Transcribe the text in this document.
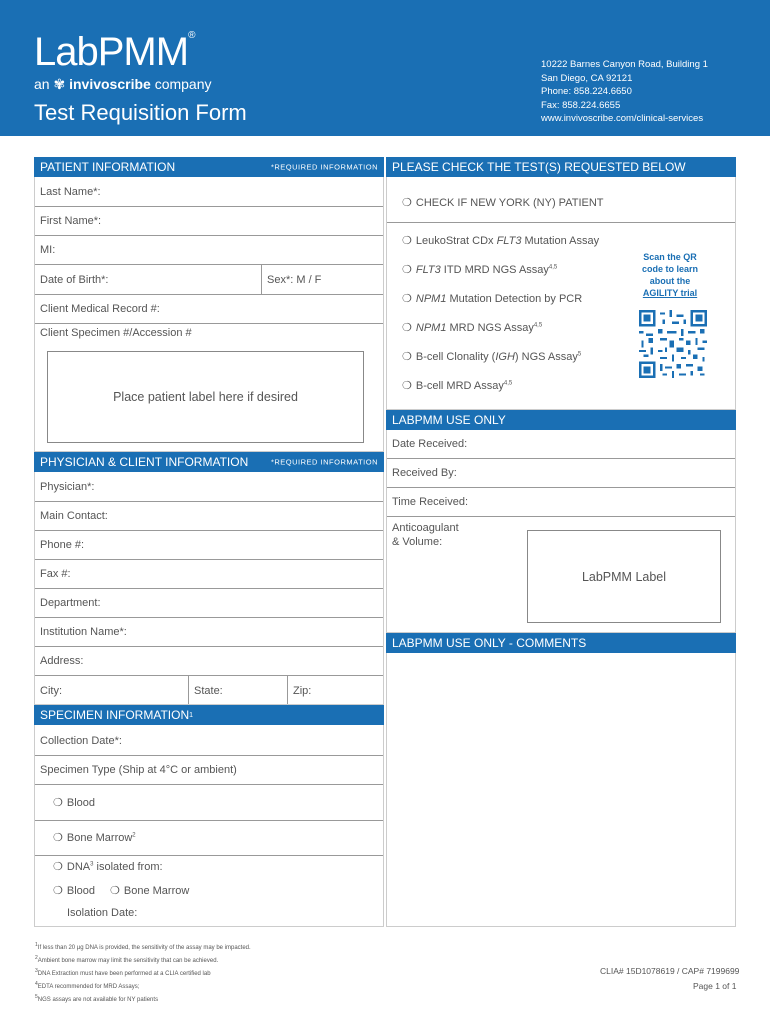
LabPMM®
an ✾ invivoscribe company
Test Requisition Form
10222 Barnes Canyon Road, Building 1
San Diego, CA 92121
Phone: 858.224.6650
Fax: 858.224.6655
www.invivoscribe.com/clinical-services
PATIENT INFORMATION	*REQUIRED INFORMATION
Last Name*:
First Name*:
MI:
Date of Birth*:	Sex*: M / F
Client Medical Record #:
Client Specimen #/Accession #
Place patient label here if desired
PHYSICIAN & CLIENT INFORMATION	*REQUIRED INFORMATION
Physician*:
Main Contact:
Phone #:
Fax #:
Department:
Institution Name*:
Address:
City:	State:	Zip:
SPECIMEN INFORMATION 1
Collection Date*:
Specimen Type (Ship at 4°C or ambient)
❍ Blood
❍ Bone Marrow$^2$
❍ DNA$^3$ isolated from:
❍ Blood ❍ Bone Marrow
Isolation Date:
PLEASE CHECK THE TEST(S) REQUESTED BELOW
❍ CHECK IF NEW YORK (NY) PATIENT
❍ LeukoStrat CDx FLT3 Mutation Assay
❍ FLT3 ITD MRD NGS Assay$^{4,5}$
❍ NPM1 Mutation Detection by PCR
❍ NPM1 MRD NGS Assay$^{4,5}$
❍ B-cell Clonality (IGH) NGS Assay$^5$
❍ B-cell MRD Assay$^{4,5}$
Scan the QR
code to learn
about the
AGILITY trial
LABPMM USE ONLY
Date Received:
Received By:
Time Received:
Anticoagulant
& Volume:
LabPMM Label
LABPMM USE ONLY - COMMENTS
$^1$If less than 20 µg DNA is provided, the sensitivity of the assay may be impacted.
$^2$Ambient bone marrow may limit the sensitivity that can be achieved.
$^3$DNA Extraction must have been performed at a CLIA certified lab
$^4$EDTA recommended for MRD Assays;
$^5$NGS assays are not available for NY patients
CLIA# 15D1078619 / CAP# 7199699
Page 1 of 1
